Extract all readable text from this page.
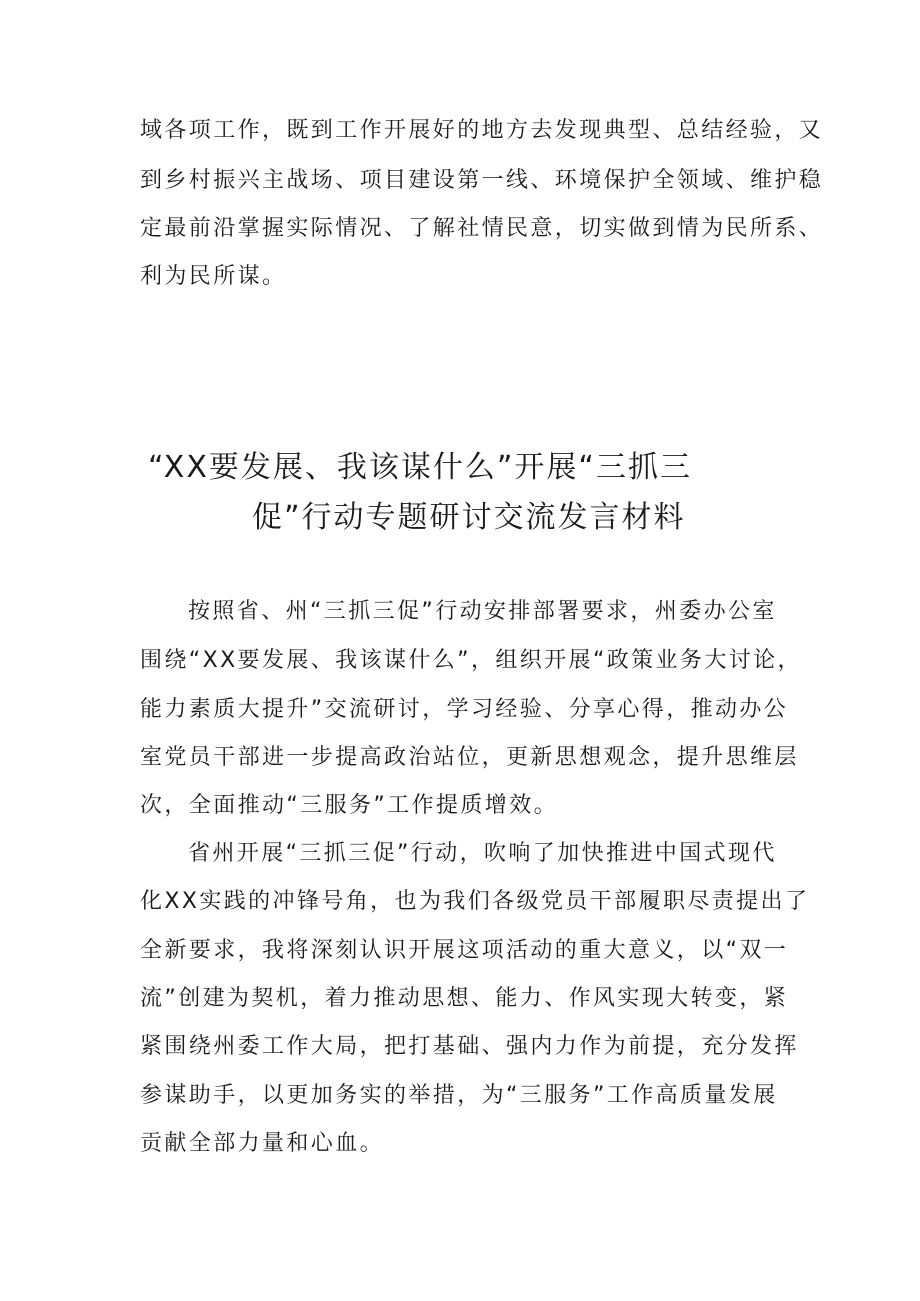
域各项工作，既到工作开展好的地方去发现典型、总结经验，又
到乡村振兴主战场、项目建设第一线、环境保护全领域、维护稳
定最前沿掌握实际情况、了解社情民意，切实做到情为民所系、
利为民所谋。
“XX要发展、我该谋什么”开展“三抓三
促”行动专题研讨交流发言材料
按照省、州“三抓三促”行动安排部署要求，州委办公室
围绕“XX要发展、我该谋什么”，组织开展“政策业务大讨论，
能力素质大提升”交流研讨，学习经验、分享心得，推动办公
室党员干部进一步提高政治站位，更新思想观念，提升思维层
次，全面推动“三服务”工作提质增效。
省州开展“三抓三促”行动，吹响了加快推进中国式现代
化XX实践的冲锋号角，也为我们各级党员干部履职尽责提出了
全新要求，我将深刻认识开展这项活动的重大意义，以“双一
流”创建为契机，着力推动思想、能力、作风实现大转变，紧
紧围绕州委工作大局，把打基础、强内力作为前提，充分发挥
参谋助手，以更加务实的举措，为“三服务”工作高质量发展
贡献全部力量和心血。
